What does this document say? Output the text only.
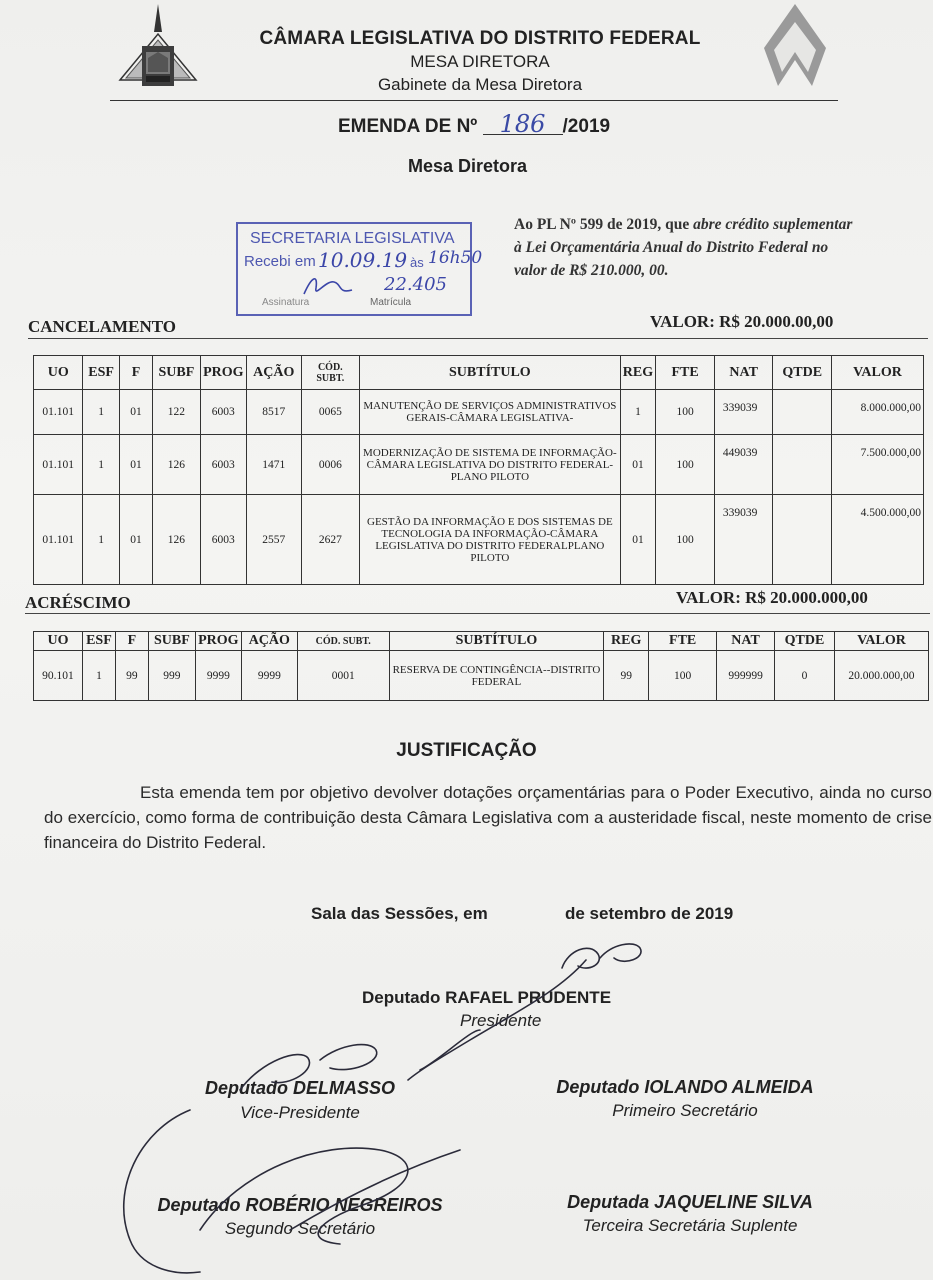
CÂMARA LEGISLATIVA DO DISTRITO FEDERAL
MESA DIRETORA
Gabinete da Mesa Diretora
EMENDA DE Nº 186 /2019
Mesa Diretora
SECRETARIA LEGISLATIVA
Recebi em 10.09.19 às 16h50
22.405
Assinatura	Matrícula
Ao PL Nº 599 de 2019, que abre crédito suplementar à Lei Orçamentária Anual do Distrito Federal no valor de R$ 210.000, 00.
CANCELAMENTO	VALOR: R$ 20.000.00,00
UO	ESF	F	SUBF	PROG	AÇÃO	CÓD. SUBT.	SUBTÍTULO	REG	FTE	NAT	QTDE	VALOR
01.101	1	01	122	6003	8517	0065	MANUTENÇÃO DE SERVIÇOS ADMINISTRATIVOS GERAIS-CÂMARA LEGISLATIVA-	1	100	339039		8.000.000,00
01.101	1	01	126	6003	1471	0006	MODERNIZAÇÃO DE SISTEMA DE INFORMAÇÃO-CÂMARA LEGISLATIVA DO DISTRITO FEDERAL-PLANO PILOTO	01	100	449039		7.500.000,00
01.101	1	01	126	6003	2557	2627	GESTÃO DA INFORMAÇÃO E DOS SISTEMAS DE TECNOLOGIA DA INFORMAÇÃO-CÂMARA LEGISLATIVA DO DISTRITO FEDERALPLANO PILOTO	01	100	339039		4.500.000,00
ACRÉSCIMO	VALOR: R$ 20.000.000,00
UO	ESF	F	SUBF	PROG	AÇÃO	CÓD. SUBT.	SUBTÍTULO	REG	FTE	NAT	QTDE	VALOR
90.101	1	99	999	9999	9999	0001	RESERVA DE CONTINGÊNCIA--DISTRITO FEDERAL	99	100	999999	0	20.000.000,00
JUSTIFICAÇÃO
Esta emenda tem por objetivo devolver dotações orçamentárias para o Poder Executivo, ainda no curso do exercício, como forma de contribuição desta Câmara Legislativa com a austeridade fiscal, neste momento de crise financeira do Distrito Federal.
Sala das Sessões, em	de setembro de 2019
Deputado RAFAEL PRUDENTE
Presidente
Deputado DELMASSO
Vice-Presidente
Deputado IOLANDO ALMEIDA
Primeiro Secretário
Deputado ROBÉRIO NEGREIROS
Segundo Secretário
Deputada JAQUELINE SILVA
Terceira Secretária Suplente
